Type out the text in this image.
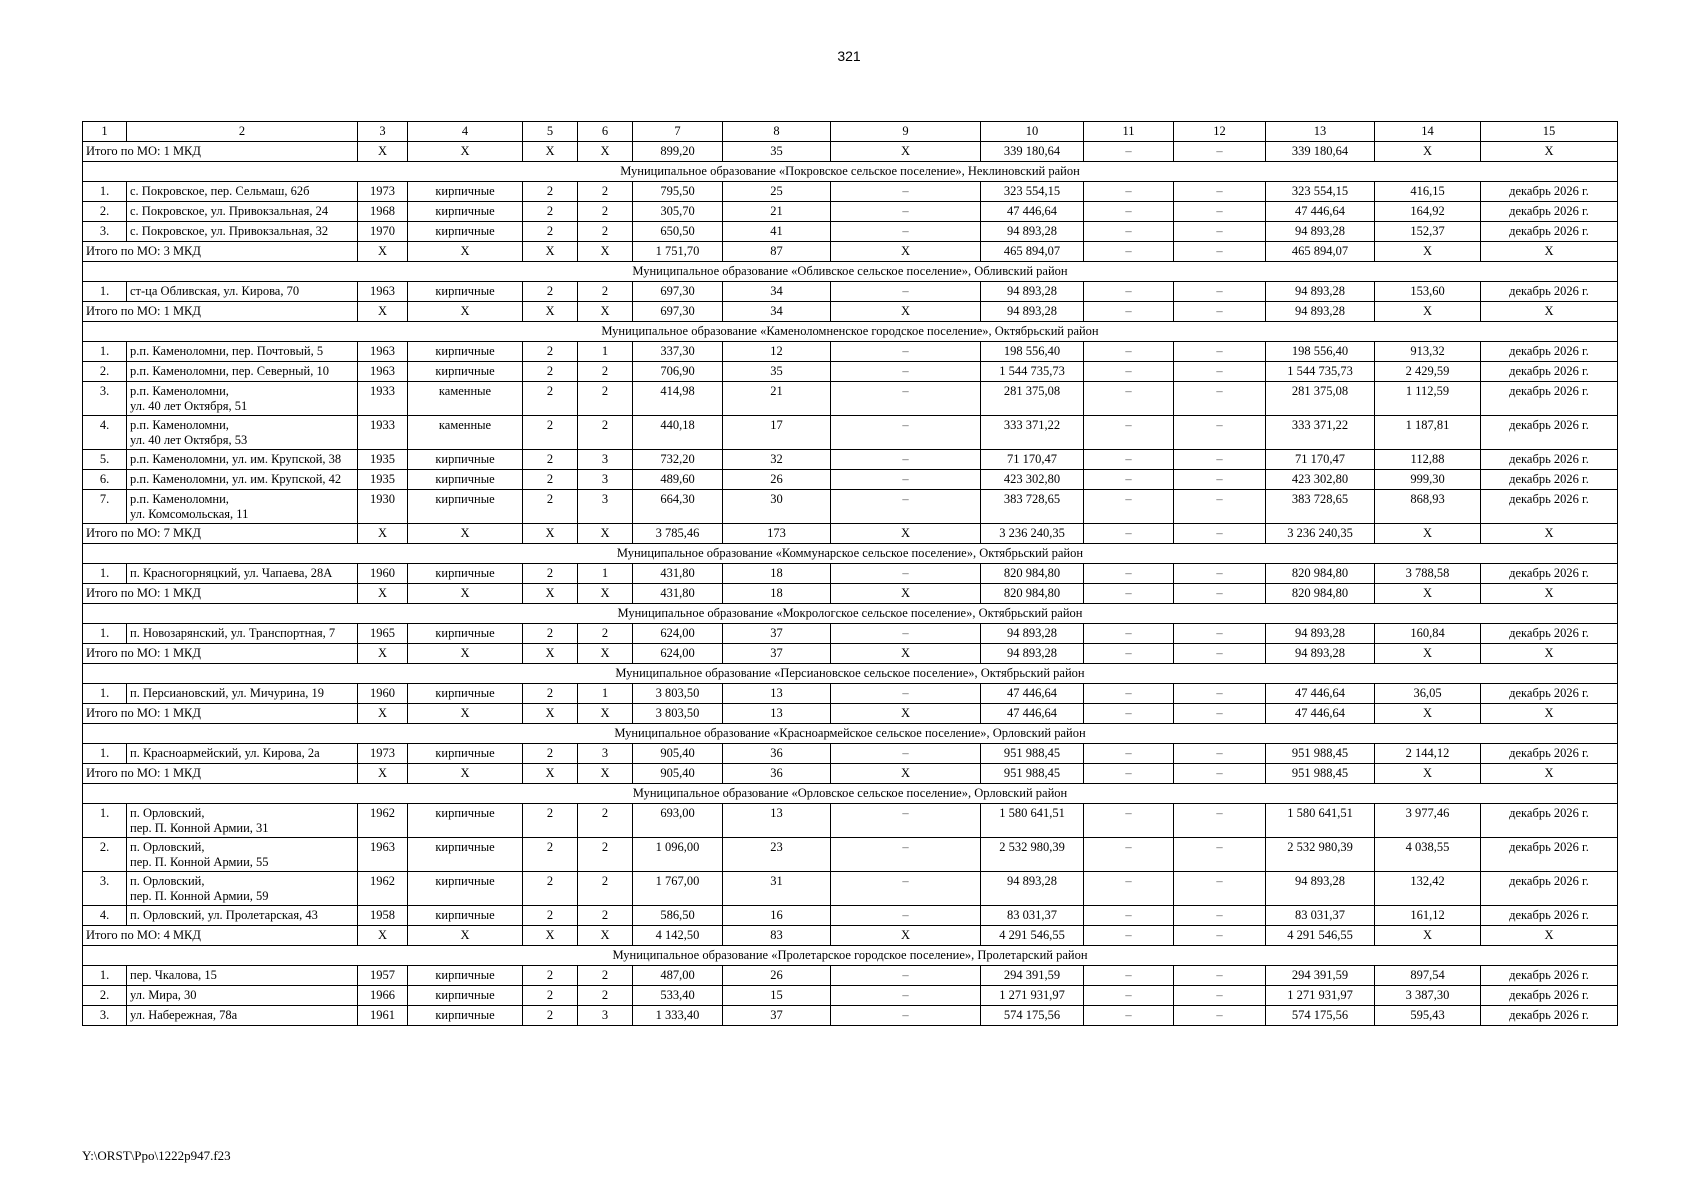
321
1	2	3	4	5	6	7	8	9	10	11	12	13	14	15
Итого по МО: 1 МКД		X	X	X	X	899,20	35	X	339 180,64	–	–	339 180,64	X	X
Муниципальное образование «Покровское сельское поселение», Неклиновский район														
1.	с. Покровское, пер. Сельмаш, 62б	1973	кирпичные	2	2	795,50	25	–	323 554,15	–	–	323 554,15	416,15	декабрь 2026 г.
2.	с. Покровское, ул. Привокзальная, 24	1968	кирпичные	2	2	305,70	21	–	47 446,64	–	–	47 446,64	164,92	декабрь 2026 г.
3.	с. Покровское, ул. Привокзальная, 32	1970	кирпичные	2	2	650,50	41	–	94 893,28	–	–	94 893,28	152,37	декабрь 2026 г.
Итого по МО: 3 МКД		X	X	X	X	1 751,70	87	X	465 894,07	–	–	465 894,07	X	X
Муниципальное образование «Обливское сельское поселение», Обливский район														
1.	ст-ца Обливская, ул. Кирова, 70	1963	кирпичные	2	2	697,30	34	–	94 893,28	–	–	94 893,28	153,60	декабрь 2026 г.
Итого по МО: 1 МКД		X	X	X	X	697,30	34	X	94 893,28	–	–	94 893,28	X	X
Муниципальное образование «Каменоломненское городское поселение», Октябрьский район														
1.	р.п. Каменоломни, пер. Почтовый, 5	1963	кирпичные	2	1	337,30	12	–	198 556,40	–	–	198 556,40	913,32	декабрь 2026 г.
2.	р.п. Каменоломни, пер. Северный, 10	1963	кирпичные	2	2	706,90	35	–	1 544 735,73	–	–	1 544 735,73	2 429,59	декабрь 2026 г.
3.	р.п. Каменоломни,
ул. 40 лет Октября, 51	1933	каменные	2	2	414,98	21	–	281 375,08	–	–	281 375,08	1 112,59	декабрь 2026 г.
4.	р.п. Каменоломни,
ул. 40 лет Октября, 53	1933	каменные	2	2	440,18	17	–	333 371,22	–	–	333 371,22	1 187,81	декабрь 2026 г.
5.	р.п. Каменоломни, ул. им. Крупской, 38	1935	кирпичные	2	3	732,20	32	–	71 170,47	–	–	71 170,47	112,88	декабрь 2026 г.
6.	р.п. Каменоломни, ул. им. Крупской, 42	1935	кирпичные	2	3	489,60	26	–	423 302,80	–	–	423 302,80	999,30	декабрь 2026 г.
7.	р.п. Каменоломни,
ул. Комсомольская, 11	1930	кирпичные	2	3	664,30	30	–	383 728,65	–	–	383 728,65	868,93	декабрь 2026 г.
Итого по МО: 7 МКД		X	X	X	X	3 785,46	173	X	3 236 240,35	–	–	3 236 240,35	X	X
Муниципальное образование «Коммунарское сельское поселение», Октябрьский район														
1.	п. Красногорняцкий, ул. Чапаева, 28А	1960	кирпичные	2	1	431,80	18	–	820 984,80	–	–	820 984,80	3 788,58	декабрь 2026 г.
Итого по МО: 1 МКД		X	X	X	X	431,80	18	X	820 984,80	–	–	820 984,80	X	X
Муниципальное образование «Мокрологское сельское поселение», Октябрьский район														
1.	п. Новозарянский, ул. Транспортная, 7	1965	кирпичные	2	2	624,00	37	–	94 893,28	–	–	94 893,28	160,84	декабрь 2026 г.
Итого по МО: 1 МКД		X	X	X	X	624,00	37	X	94 893,28	–	–	94 893,28	X	X
Муниципальное образование «Персиановское сельское поселение», Октябрьский район														
1.	п. Персиановский, ул. Мичурина, 19	1960	кирпичные	2	1	3 803,50	13	–	47 446,64	–	–	47 446,64	36,05	декабрь 2026 г.
Итого по МО: 1 МКД		X	X	X	X	3 803,50	13	X	47 446,64	–	–	47 446,64	X	X
Муниципальное образование «Красноармейское сельское поселение», Орловский район														
1.	п. Красноармейский, ул. Кирова, 2а	1973	кирпичные	2	3	905,40	36	–	951 988,45	–	–	951 988,45	2 144,12	декабрь 2026 г.
Итого по МО: 1 МКД		X	X	X	X	905,40	36	X	951 988,45	–	–	951 988,45	X	X
Муниципальное образование «Орловское сельское поселение», Орловский район														
1.	п. Орловский,
пер. П. Конной Армии, 31	1962	кирпичные	2	2	693,00	13	–	1 580 641,51	–	–	1 580 641,51	3 977,46	декабрь 2026 г.
2.	п. Орловский,
пер. П. Конной Армии, 55	1963	кирпичные	2	2	1 096,00	23	–	2 532 980,39	–	–	2 532 980,39	4 038,55	декабрь 2026 г.
3.	п. Орловский,
пер. П. Конной Армии, 59	1962	кирпичные	2	2	1 767,00	31	–	94 893,28	–	–	94 893,28	132,42	декабрь 2026 г.
4.	п. Орловский, ул. Пролетарская, 43	1958	кирпичные	2	2	586,50	16	–	83 031,37	–	–	83 031,37	161,12	декабрь 2026 г.
Итого по МО: 4 МКД		X	X	X	X	4 142,50	83	X	4 291 546,55	–	–	4 291 546,55	X	X
Муниципальное образование «Пролетарское городское поселение», Пролетарский район														
1.	пер. Чкалова, 15	1957	кирпичные	2	2	487,00	26	–	294 391,59	–	–	294 391,59	897,54	декабрь 2026 г.
2.	ул. Мира, 30	1966	кирпичные	2	2	533,40	15	–	1 271 931,97	–	–	1 271 931,97	3 387,30	декабрь 2026 г.
3.	ул. Набережная, 78а	1961	кирпичные	2	3	1 333,40	37	–	574 175,56	–	–	574 175,56	595,43	декабрь 2026 г.
Y:\ORST\Ppo\1222p947.f23
